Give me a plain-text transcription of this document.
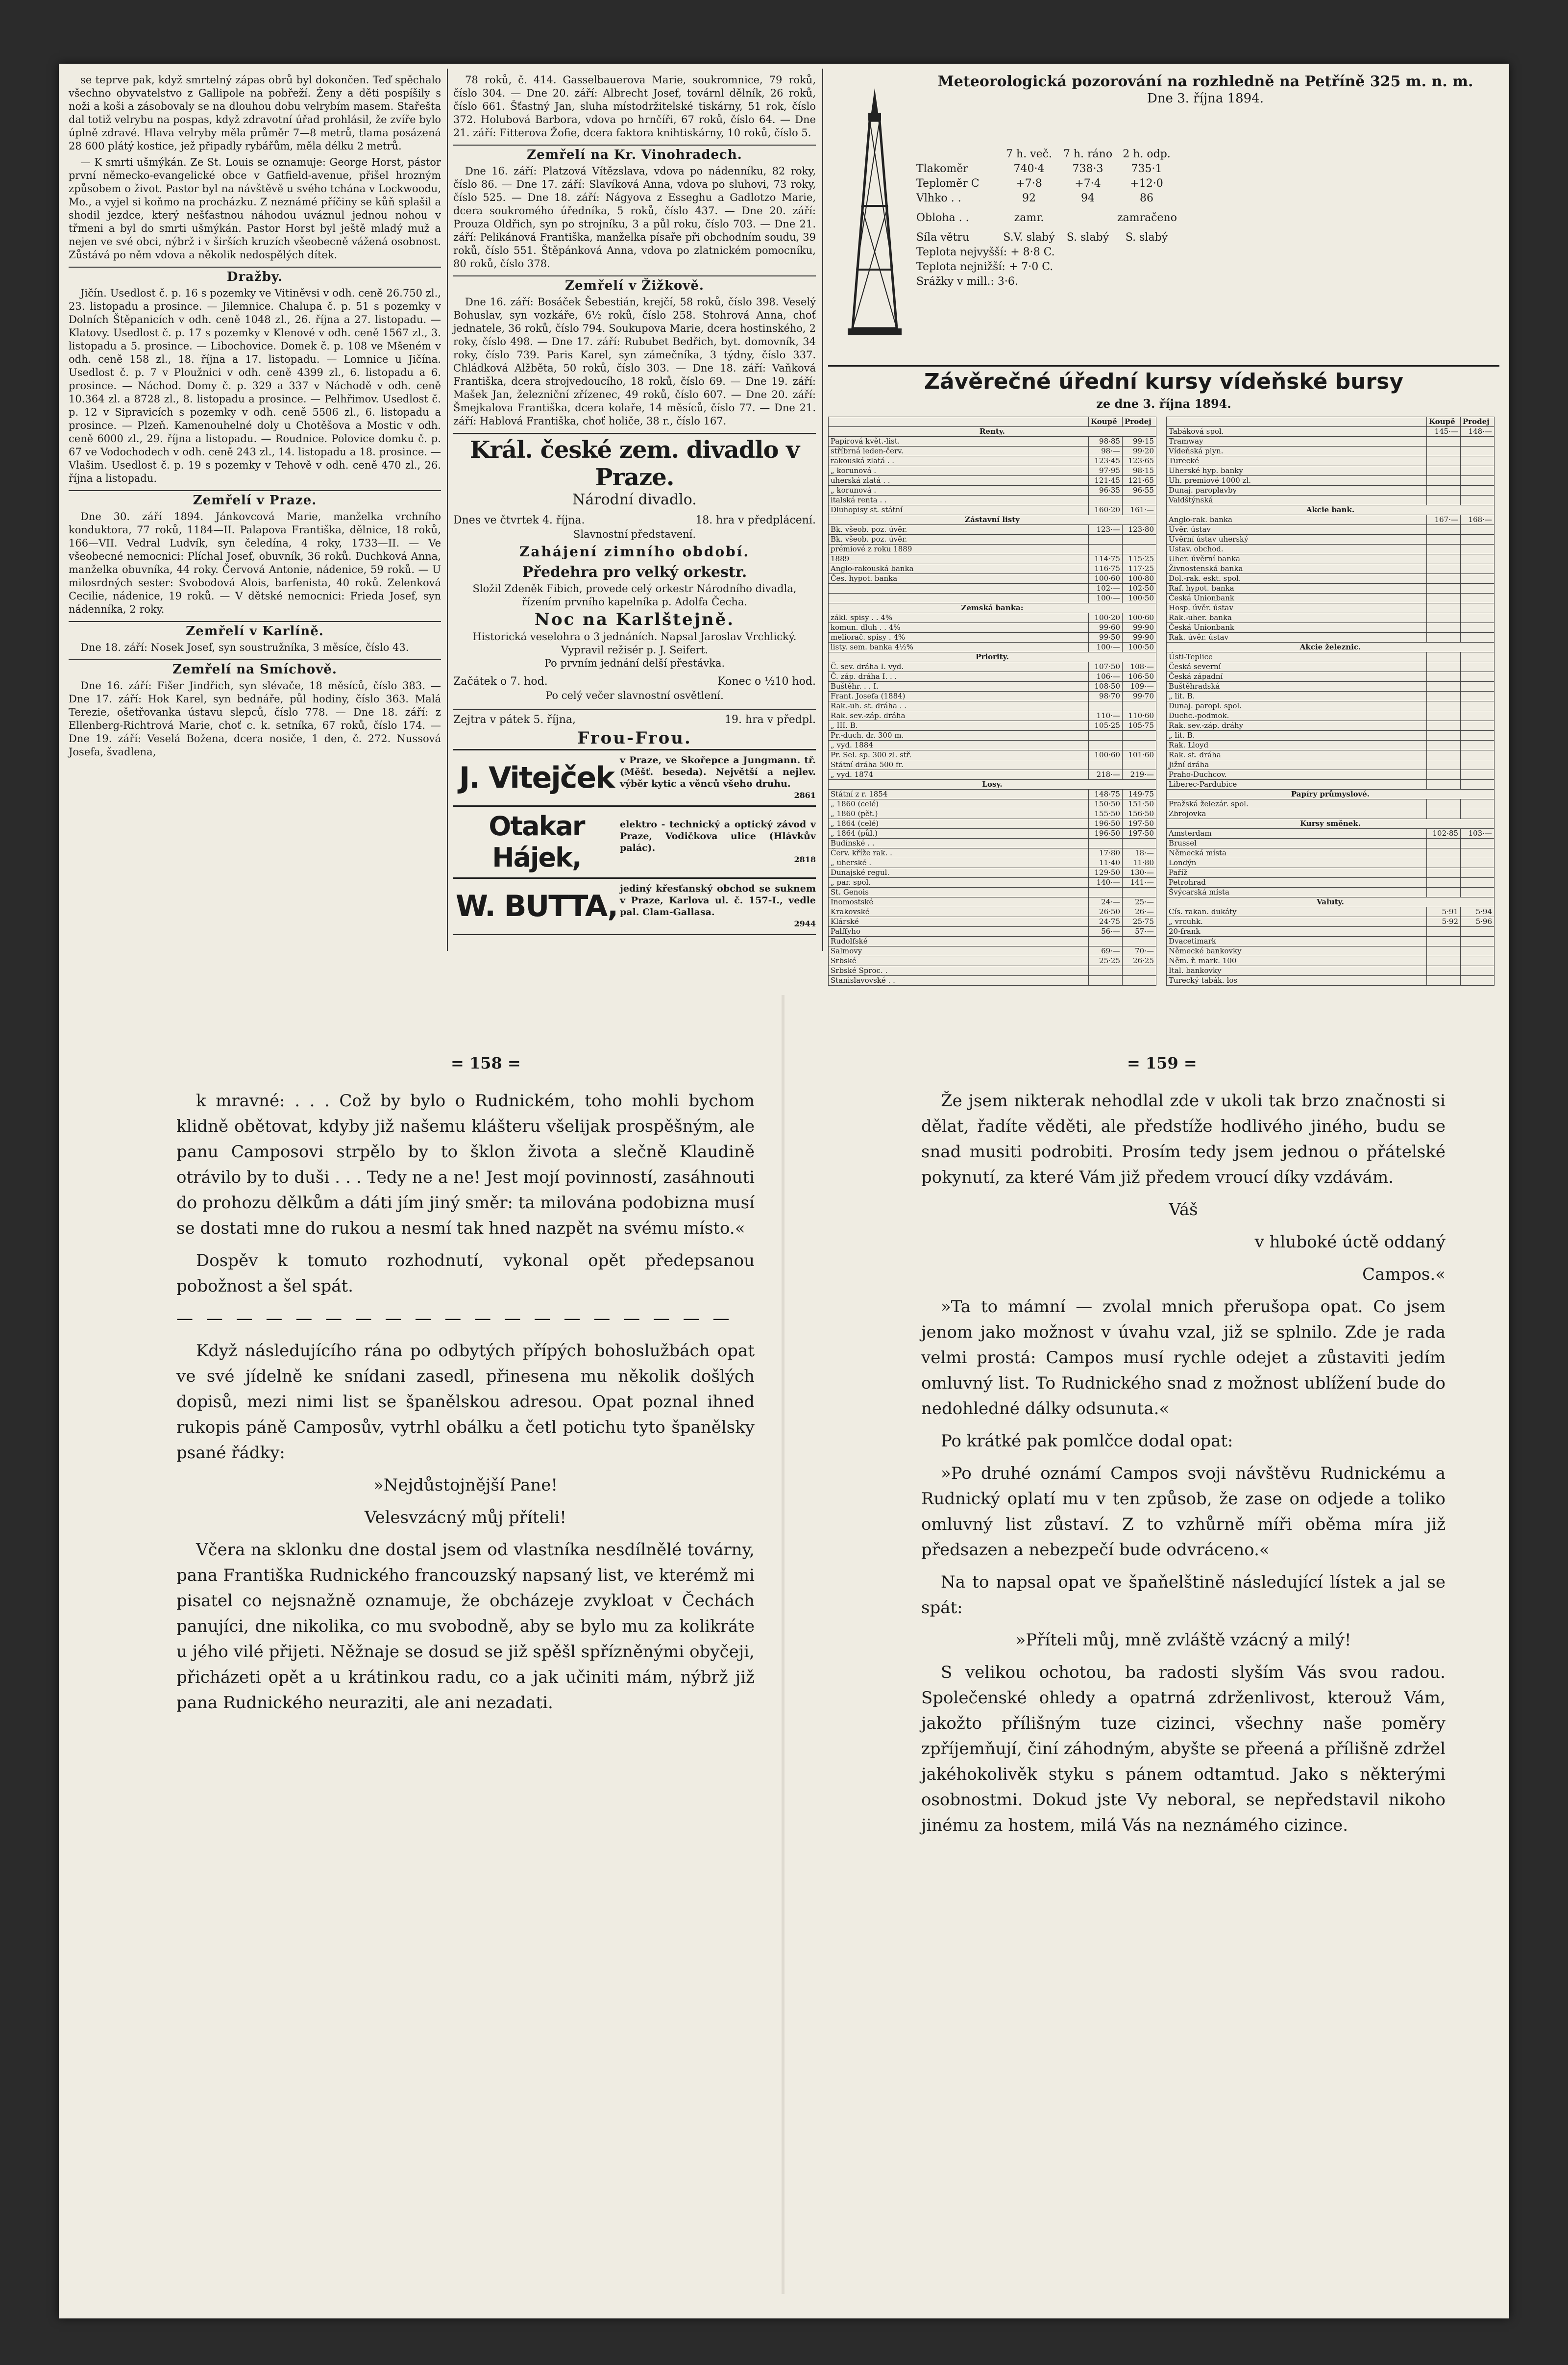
se teprve pak, když smrtelný zápas obrů byl dokončen. Teď spěchalo všechno obyvatelstvo z Gallipole na pobřeží. Ženy a děti pospíšily s noži a koši a zásobovaly se na dlouhou dobu velrybím masem. Stařešta dal totiž velrybu na pospas, když zdravotní úřad prohlásil, že zvíře bylo úplně zdravé. Hlava velryby měla průměr 7—8 metrů, tlama posázená 28 600 plátý kostice, jež připadly rybářům, měla délku 2 metrů.

— K smrti ušmýkán. Ze St. Louis se oznamuje: George Horst, pástor první německo-evangelické obce v Gatfield-avenue, přišel hrozným způsobem o život. Pastor byl na návštěvě u svého tchána v Lockwoodu, Mo., a vyjel si koňmo na procházku. Z neznámé příčiny se kůň splašil a shodil jezdce, který nešťastnou náhodou uváznul jednou nohou v třmeni a byl do smrti ušmýkán. Pastor Horst byl ještě mladý muž a nejen ve své obci, nýbrž i v širších kruzích všeobecně vážená osobnost. Zůstává po něm vdova a několik nedospělých dítek.

Dražby.

Jičín. Usedlost č. p. 16 s pozemky ve Vitiněvsi v odh. ceně 26.750 zl., 23. listopadu a prosince. — Jilemnice. Chalupa č. p. 51 s pozemky v Dolních Štěpanicích v odh. ceně 1048 zl., 26. října a 27. listopadu. — Klatovy. Usedlost č. p. 17 s pozemky v Klenové v odh. ceně 1567 zl., 3. listopadu a 5. prosince. — Libochovice. Domek č. p. 108 ve Mšeném v odh. ceně 158 zl., 18. října a 17. listopadu. — Lomnice u Jičína. Usedlost č. p. 7 v Ploužnici v odh. ceně 4399 zl., 6. listopadu a 6. prosince. — Náchod. Domy č. p. 329 a 337 v Náchodě v odh. ceně 10.364 zl. a 8728 zl., 8. listopadu a prosince. — Pelhřimov. Usedlost č. p. 12 v Sipravicích s pozemky v odh. ceně 5506 zl., 6. listopadu a prosince. — Plzeň. Kamenouhelné doly u Chotěšova a Mostic v odh. ceně 6000 zl., 29. října a listopadu. — Roudnice. Polovice domku č. p. 67 ve Vodochodech v odh. ceně 243 zl., 14. listopadu a 18. prosince. — Vlašim. Usedlost č. p. 19 s pozemky v Tehově v odh. ceně 470 zl., 26. října a listopadu.

Zemřelí v Praze.

Dne 30. září 1894. Jánkovcová Marie, manželka vrchního konduktora, 77 roků, 1184—II. Palapova Františka, dělnice, 18 roků, 166—VII. Vedral Ludvík, syn čeledína, 4 roky, 1733—II. — Ve všeobecné nemocnici: Plíchal Josef, obuvník, 36 roků. Duchková Anna, manželka obuvníka, 44 roky. Červová Antonie, nádenice, 59 roků. — U milosrdných sester: Svobodová Alois, barfenista, 40 roků. Zelenková Cecilie, nádenice, 19 roků. — V dětské nemocnici: Frieda Josef, syn nádenníka, 2 roky.

Zemřelí v Karlíně.

Dne 18. září: Nosek Josef, syn soustružníka, 3 měsíce, číslo 43.

Zemřelí na Smíchově.

Dne 16. září: Fišer Jindřich, syn slévače, 18 měsíců, číslo 383. — Dne 17. září: Hok Karel, syn bednáře, půl hodiny, číslo 363. Malá Terezie, ošetřovanka ústavu slepců, číslo 778. — Dne 18. září: z Ellenberg-Richtrová Marie, choť c. k. setníka, 67 roků, číslo 174. — Dne 19. září: Veselá Božena, dcera nosiče, 1 den, č. 272. Nussová Josefa, švadlena,

78 roků, č. 414. Gasselbauerova Marie, soukromnice, 79 roků, číslo 304. — Dne 20. září: Albrecht Josef, továrnl dělník, 26 roků, číslo 661. Šťastný Jan, sluha místodržitelské tiskárny, 51 rok, číslo 372. Holubová Barbora, vdova po hrnčíři, 67 roků, číslo 64. — Dne 21. září: Fitterova Žofie, dcera faktora knihtiskárny, 10 roků, číslo 5.

Zemřelí na Kr. Vinohradech.

Dne 16. září: Platzová Vítězslava, vdova po nádenníku, 82 roky, číslo 86. — Dne 17. září: Slavíková Anna, vdova po sluhovi, 73 roky, číslo 525. — Dne 18. září: Nágyova z Esseghu a Gadlotzo Marie, dcera soukromého úředníka, 5 roků, číslo 437. — Dne 20. září: Prouza Oldřich, syn po strojníku, 3 a půl roku, číslo 703. — Dne 21. září: Pelikánová Františka, manželka písaře při obchodním soudu, 39 roků, číslo 551. Štěpánková Anna, vdova po zlatnickém pomocníku, 80 roků, číslo 378.

Zemřelí v Žižkově.

Dne 16. září: Bosáček Šebestián, krejčí, 58 roků, číslo 398. Veselý Bohuslav, syn vozkáře, 6½ roků, číslo 258. Stohrová Anna, choť jednatele, 36 roků, číslo 794. Soukupova Marie, dcera hostinského, 2 roky, číslo 498. — Dne 17. září: Rububet Bedřich, byt. domovník, 34 roky, číslo 739. Paris Karel, syn zámečníka, 3 týdny, číslo 337. Chládková Alžběta, 50 roků, číslo 303. — Dne 18. září: Vaňková Františka, dcera strojvedoucího, 18 roků, číslo 69. — Dne 19. září: Mašek Jan, železniční zřízenec, 49 roků, číslo 607. — Dne 20. září: Šmejkalova Františka, dcera kolaře, 14 měsíců, číslo 77. — Dne 21. září: Hablová Františka, choť holiče, 38 r., číslo 167.

Král. české zem. divadlo v Praze.
Národní divadlo.
Dnes ve čtvrtek 4. října.	18. hra v předplácení.
Slavnostní představení.
Zahájení zimního období.
Předehra pro velký orkestr.
Složil Zdeněk Fibich, provede celý orkestr Národního divadla, řízením prvního kapelníka p. Adolfa Čecha.
Noc na Karlštejně.
Historická veselohra o 3 jednáních. Napsal Jaroslav Vrchlický. Vypravil režisér p. J. Seifert.
Po prvním jednání delší přestávka.
Začátek o 7. hod.	Konec o ½10 hod.
Po celý večer slavnostní osvětlení.
Zejtra v pátek 5. října,	19. hra v předpl.
Frou-Frou.
J. Vitejček
v Praze, ve Skořepce a Jungmann. tř. (Měšť. beseda). Největší a nejlev. výběr kytic a věnců všeho druhu.
2861
Otakar Hájek,
elektro - technický a optický závod v Praze, Vodičkova ulice (Hlávkův palác).
2818
W. BUTTA,
jediný křesťanský obchod se suknem v Praze, Karlova ul. č. 157-I., vedle pal. Clam-Gallasa.
2944
Meteorologická pozorování na rozhledně na Petříně 325 m. n. m.
Dne 3. října 1894.
7 h. več.	7 h. ráno 2 h. odp.
Tlakoměr	740·4	738·3	735·1
Teploměr C	+7·8	+7·4	+12·0
Vlhko . .	92	94	86
Oblohа . .	zamr.	zamračeno
Síla větru	S.V. slabý	S. slabý	S. slabý
Teplota nejvyšší: + 8·8 C.
Teplota nejnižší: + 7·0 C.
Srážky v mill.: 3·6.
Závěrečné úřední kursy vídeňské bursy
ze dne 3. října 1894.
	Koupě	Prodej
Renty.		
Papírová květ.-list.	98·85	99·15
stříbrná leden-červ.	98·—	99·20
rakouská zlatá . .	123·45	123·65
„ korunová .	97·95	98·15
uherská zlatá . .	121·45	121·65
„ korunová .	96·35	96·55
italská renta . .		
Dluhopisy st. státní	160·20	161·—
Zástavní listy		
Bk. všeob. poz. úvěr.	123·—	123·80
Bk. všeob. poz. úvěr.		
prémiové z roku 1889		
1889	114·75	115·25
Anglo-rakouská banka	116·75	117·25
Čes. hypot. banka	100·60	100·80
	102·—	102·50
	100·—	100·50
Zemská banka:		
zákl. spisy . . 4%	100·20	100·60
komun. dluh . . 4%	99·60	99·90
meliorač. spisy . 4%	99·50	99·90
listy. sem. banka 4½%	100·—	100·50
Priority.		
Č. sev. dráha I. vyd.	107·50	108·—
Č. záp. dráha I. . .	106·—	106·50
Buštěhr. . . I.	108·50	109·—
Frant. Josefa (1884)	98·70	99·70
Rak.-uh. st. dráha . .		
Rak. sev.-záp. dráha	110·—	110·60
„ III. B.	105·25	105·75
Pr.-duch. dr. 300 m.		
„ vyd. 1884		
Pr. Sel. sp. 300 zl. stř.	100·60	101·60
Státní dráha 500 fr.		
„ vyd. 1874	218·—	219·—
Losy.		
Státní z r. 1854	148·75	149·75
„ 1860 (celé)	150·50	151·50
„ 1860 (pět.)	155·50	156·50
„ 1864 (celé)	196·50	197·50
„ 1864 (půl.)	196·50	197·50
Budínské . .		
Červ. kříže rak. .	17·80	18·—
„ uherské .	11·40	11·80
Dunajské regul.	129·50	130·—
„ par. spol.	140·—	141·—
St. Genois		
Inomostské	24·—	25·—
Krakovské	26·50	26·—
Klárské	24·75	25·75
Palffyho	56·—	57·—
Rudolfské		
Salmovy	69·—	70·—
Srbské	25·25	26·25
Srbské Sproc. .		
Stanislavovské . .		
	Koupě	Prodej
Tabáková spol.	145·—	148·—
Tramway		
Vídeňská plyn.		
Turecké		
Uherské hyp. banky		
Uh. premiové 1000 zl.		
Dunaj. paroplavby		
Valdštýnská		
Akcie bank.		
Anglo-rak. banka	167·—	168·—
Úvěr. ústav		
Úvěrní ústav uherský		
Ústav. obchod.		
Uher. úvěrní banka		
Živnostenská banka		
Dol.-rak. eskt. spol.		
Raf. hypot. banka		
Česká Unionbank		
Hosp. úvěr. ústav		
Rak.-uher. banka		
Česká Unionbank		
Rak. úvěr. ústav		
Akcie železnic.		
Ústi-Teplice		
Česká severní		
Česká západní		
Buštěhradská		
„ lit. B.		
Dunaj. paropl. spol.		
Duchc.-podmok.		
Rak. sev.-záp. dráhy		
„ lit. B.		
Rak. Lloyd		
Rak. st. dráha		
Jižní dráha		
Praho-Duchcov.		
Liberec-Pardubice		
Papíry průmyslové.		
Pražská železár. spol.		
Zbrojovka		
Kursy směnek.		
Amsterdam	102·85	103·—
Brussel		
Německá místa		
Londýn		
Paříž		
Petrohrad		
Švýcarská místa		
Valuty.		
Cís. rakan. dukáty	5·91	5·94
„ vrcuhk.	5·92	5·96
20-frank		
Dvacetimark		
Německé bankovky		
Něm. ř. mark. 100		
Ital. bankovky		
Turecký tabák. los		
= 158 =	= 159 =

k mravné: . . . Což by bylo o Rudnickém, toho mohli bychom klidně obětovat, kdyby již našemu klášteru všelijak prospěšným, ale panu Camposovi strpělo by to šklon života a slečně Klaudině otrávilo by to duši . . . Tedy ne a ne! Jest mojí povinností, zasáhnouti do prohozu dělkům a dáti jím jiný směr: ta milována podobizna musí se dostati mne do rukou a nesmí tak hned nazpět na svému místo.«

Dospěv k tomuto rozhodnutí, vykonal opět předepsanou pobožnost a šel spát.

— — — — — — — — — — — — — — — — — — —

Když následujícího rána po odbytých přípých bohoslužbách opat ve své jídelně ke snídani zasedl, přinesena mu několik došlých dopisů, mezi nimi list se španělskou adresou. Opat poznal ihned rukopis páně Camposův, vytrhl obálku a četl potichu tyto španělsky psané řádky:

»Nejdůstojnější Pane!

Velesvzácný můj příteli!

Včera na sklonku dne dostal jsem od vlastníka nesdílnělé továrny, pana Františka Rudnického francouzský napsaný list, ve kterémž mi pisatel co nejsnažně oznamuje, že obcházeje zvykloat v Čechách panujíci, dne nikolika, co mu svobodně, aby se bylo mu za kolikráte u jého vilé přijeti. Něžnaje se dosud se již spěšl spřízněnými obyčeji, přicházeti opět a u krátinkou radu, co a jak učiniti mám, nýbrž již pana Rudnického neuraziti, ale ani nezadati.

Že jsem nikterak nehodlal zde v ukoli tak brzo značnosti si dělat, řadíte věděti, ale předstíže hodlivého jiného, budu se snad musiti podrobiti. Prosím tedy jsem jednou o přátelské pokynutí, za které Vám již předem vroucí díky vzdávám.

Váš

v hluboké úctě oddaný

Campos.«

»Ta to mámní — zvolal mnich přerušopa opat. Co jsem jenom jako možnost v úvahu vzal, již se splnilo. Zde je rada velmi prostá: Campos musí rychle odejet a zůstaviti jedím omluvný list. To Rudnického snad z možnost ublížení bude do nedohledné dálky odsunuta.«

Po krátké pak pomlčce dodal opat:

»Po druhé oznámí Campos svoji návštěvu Rudnickému a Rudnický oplatí mu v ten způsob, že zase on odjede a toliko omluvný list zůstaví. Z to vzhůrně míři oběma míra již předsazen a nebezpečí bude odvráceno.«

Na to napsal opat ve špaňelštině následující lístek a jal se spát:

»Příteli můj, mně zvláště vzácný a milý!

S velikou ochotou, ba radosti slyším Vás svou radou. Společenské ohledy a opatrná zdrženlivost, kterouž Vám, jakožto přílišným tuze cizinci, všechny naše poměry zpříjemňují, činí záhodným, abyšte se přeená a přílišně zdržel jakéhokolivěk styku s pánem odtamtud. Jako s některými osobnostmi. Dokud jste Vy neboral, se nepředstavil nikoho jinému za hostem, milá Vás na neznámého cizince.
